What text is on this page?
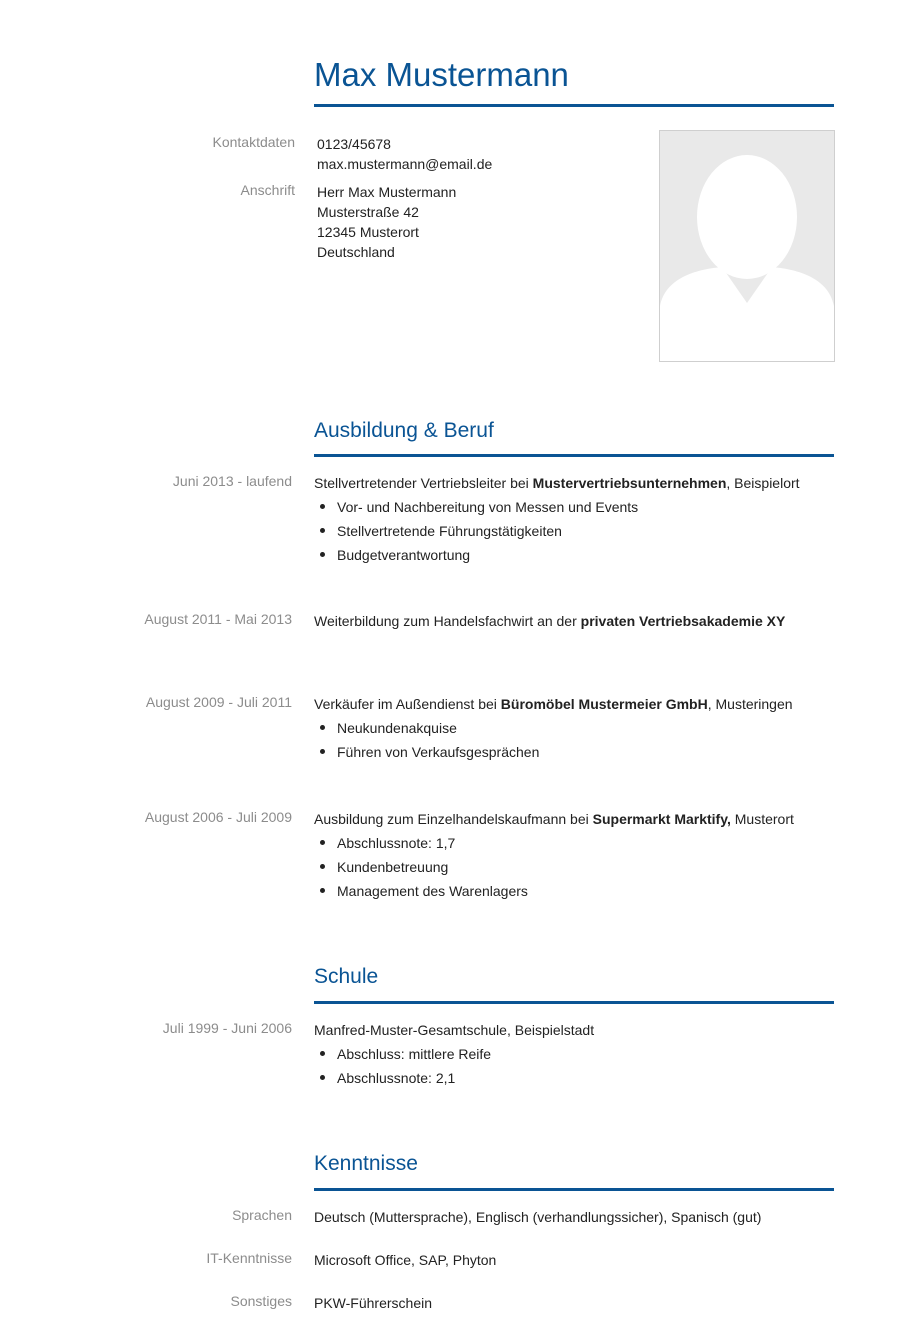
Max Mustermann
Kontaktdaten 0123/45678
max.mustermann@email.de
Anschrift Herr Max Mustermann
Musterstraße 42
12345 Musterort
Deutschland
Ausbildung & Beruf
Juni 2013 - laufend Stellvertretender Vertriebsleiter bei Mustervertriebsunternehmen, Beispielort
Vor- und Nachbereitung von Messen und Events
Stellvertretende Führungstätigkeiten
Budgetverantwortung
August 2011 - Mai 2013 Weiterbildung zum Handelsfachwirt an der privaten Vertriebsakademie XY
August 2009 - Juli 2011 Verkäufer im Außendienst bei Büromöbel Mustermeier GmbH, Musteringen
Neukundenakquise
Führen von Verkaufsgesprächen
August 2006 - Juli 2009 Ausbildung zum Einzelhandelskaufmann bei Supermarkt Marktify, Musterort
Abschlussnote: 1,7
Kundenbetreuung
Management des Warenlagers
Schule
Juli 1999 - Juni 2006 Manfred-Muster-Gesamtschule, Beispielstadt
Abschluss: mittlere Reife
Abschlussnote: 2,1
Kenntnisse
Sprachen Deutsch (Muttersprache), Englisch (verhandlungssicher), Spanisch (gut)
IT-Kenntnisse Microsoft Office, SAP, Phyton
Sonstiges PKW-Führerschein
